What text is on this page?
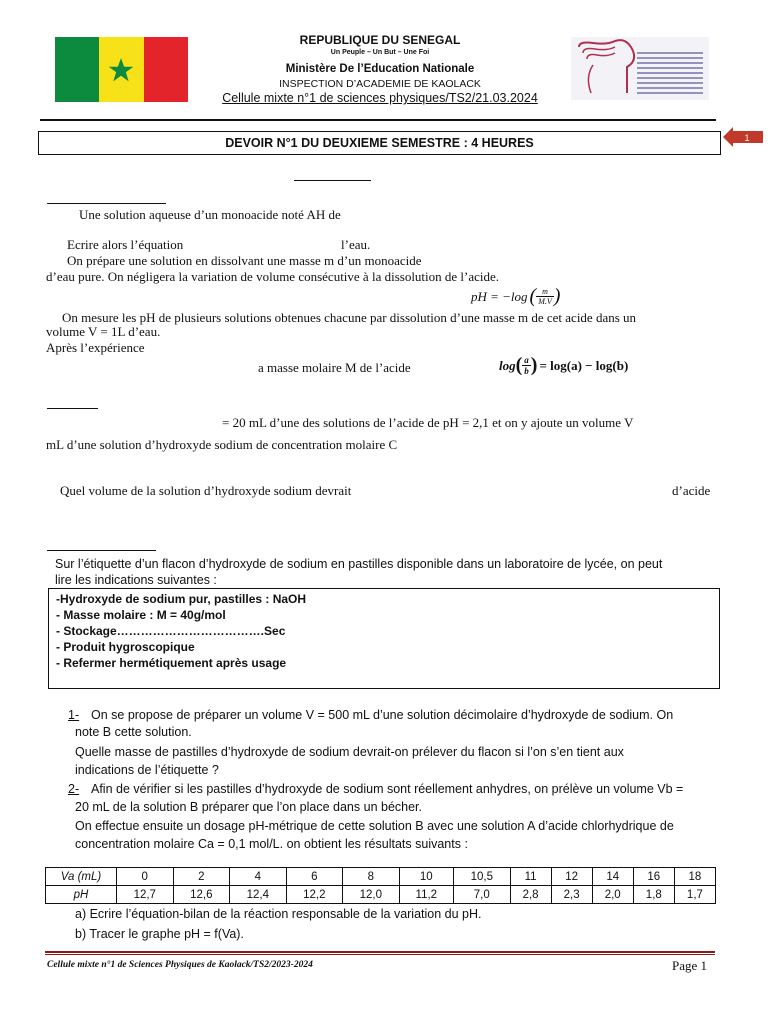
REPUBLIQUE DU SENEGAL
Un Peuple – Un But – Une Foi
Ministère De l’Education Nationale
INSPECTION D’ACADEMIE DE KAOLACK
Cellule mixte n°1 de sciences physiques/TS2/21.03.2024
DEVOIR N°1 DU DEUXIEME SEMESTRE : 4 HEURES	1
Une solution aqueuse d’un monoacide noté AH de
Ecrire alors l’équation	l’eau.
On prépare une solution en dissolvant une masse m d’un monoacide
d’eau pure. On négligera la variation de volume consécutive à la dissolution de l’acide.
pH = −log ( $\frac{m}{M.V}$ )
On mesure les pH de plusieurs solutions obtenues chacune par dissolution d’une masse m de cet acide dans un
volume V = 1L d’eau.
Après l’expérience
a masse molaire M de l’acide	log ( $\frac{a}{b}$ ) = log(a) − log(b)
= 20 mL d’une des solutions de l’acide de pH = 2,1 et on y ajoute un volume V
mL d’une solution d’hydroxyde sodium de concentration molaire C
Quel volume de la solution d’hydroxyde sodium devrait	d’acide
Sur l’étiquette d’un flacon d’hydroxyde de sodium en pastilles disponible dans un laboratoire de lycée, on peut
lire les indications suivantes :
-Hydroxyde de sodium pur, pastilles : NaOH
- Masse molaire : M = 40g/mol
- Stockage……………………………….Sec
- Produit hygroscopique
- Refermer hermétiquement après usage
1- On se propose de préparer un volume V = 500 mL d’une solution décimolaire d’hydroxyde de sodium. On
note B cette solution.
Quelle masse de pastilles d’hydroxyde de sodium devrait-on prélever du flacon si l’on s’en tient aux
indications de l’étiquette ?
2- Afin de vérifier si les pastilles d’hydroxyde de sodium sont réellement anhydres, on prélève un volume Vb =
20 mL de la solution B préparer que l’on place dans un bécher.
On effectue ensuite un dosage pH-métrique de cette solution B avec une solution A d’acide chlorhydrique de
concentration molaire Ca = 0,1 mol/L. on obtient les résultats suivants :
Va (mL)	0	2	4	6	8	10	10,5	11	12	14	16	18
pH	12,7	12,6	12,4	12,2	12,0	11,2	7,0	2,8	2,3	2,0	1,8	1,7
a) Ecrire l’équation-bilan de la réaction responsable de la variation du pH.
b) Tracer le graphe pH = f(Va).
Cellule mixte n°1 de Sciences Physiques de Kaolack/TS2/2023-2024	Page 1
